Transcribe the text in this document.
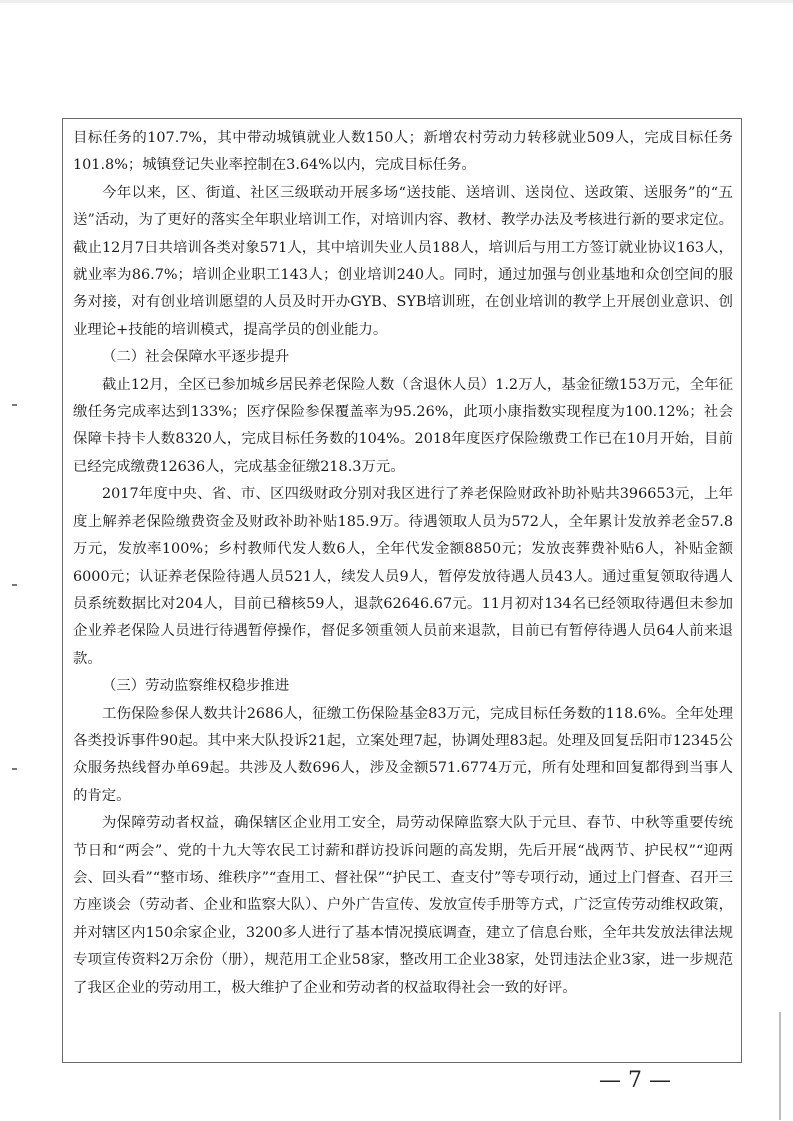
目标任务的107.7%，其中带动城镇就业人数150人；新增农村劳动力转移就业509人，完成目标任务101.8%；城镇登记失业率控制在3.64%以内，完成目标任务。

今年以来，区、街道、社区三级联动开展多场“送技能、送培训、送岗位、送政策、送服务”的“五送”活动，为了更好的落实全年职业培训工作，对培训内容、教材、教学办法及考核进行新的要求定位。截止12月7日共培训各类对象571人，其中培训失业人员188人，培训后与用工方签订就业协议163人，就业率为86.7%；培训企业职工143人；创业培训240人。同时，通过加强与创业基地和众创空间的服务对接，对有创业培训愿望的人员及时开办GYB、SYB培训班，在创业培训的教学上开展创业意识、创业理论+技能的培训模式，提高学员的创业能力。

（二）社会保障水平逐步提升

截止12月，全区已参加城乡居民养老保险人数（含退休人员）1.2万人，基金征缴153万元，全年征缴任务完成率达到133%；医疗保险参保覆盖率为95.26%，此项小康指数实现程度为100.12%；社会保障卡持卡人数8320人，完成目标任务数的104%。2018年度医疗保险缴费工作已在10月开始，目前已经完成缴费12636人，完成基金征缴218.3万元。

2017年度中央、省、市、区四级财政分别对我区进行了养老保险财政补助补贴共396653元，上年度上解养老保险缴费资金及财政补助补贴185.9万。待遇领取人员为572人，全年累计发放养老金57.8万元，发放率100%；乡村教师代发人数6人，全年代发金额8850元；发放丧葬费补贴6人，补贴金额6000元；认证养老保险待遇人员521人，续发人员9人，暂停发放待遇人员43人。通过重复领取待遇人员系统数据比对204人，目前已稽核59人，退款62646.67元。11月初对134名已经领取待遇但未参加企业养老保险人员进行待遇暂停操作，督促多领重领人员前来退款，目前已有暂停待遇人员64人前来退款。

（三）劳动监察维权稳步推进

工伤保险参保人数共计2686人，征缴工伤保险基金83万元，完成目标任务数的118.6%。全年处理各类投诉事件90起。其中来大队投诉21起，立案处理7起，协调处理83起。处理及回复岳阳市12345公众服务热线督办单69起。共涉及人数696人，涉及金额571.6774万元，所有处理和回复都得到当事人的肯定。

为保障劳动者权益，确保辖区企业用工安全，局劳动保障监察大队于元旦、春节、中秋等重要传统节日和“两会”、党的十九大等农民工讨薪和群访投诉问题的高发期，先后开展“战两节、护民权”“迎两会、回头看”“整市场、维秩序”“查用工、督社保”“护民工、查支付”等专项行动，通过上门督查、召开三方座谈会（劳动者、企业和监察大队）、户外广告宣传、发放宣传手册等方式，广泛宣传劳动维权政策，并对辖区内150余家企业，3200多人进行了基本情况摸底调查，建立了信息台账，全年共发放法律法规专项宣传资料2万余份（册），规范用工企业58家，整改用工企业38家，处罚违法企业3家，进一步规范了我区企业的劳动用工，极大维护了企业和劳动者的权益取得社会一致的好评。

— 7 —
